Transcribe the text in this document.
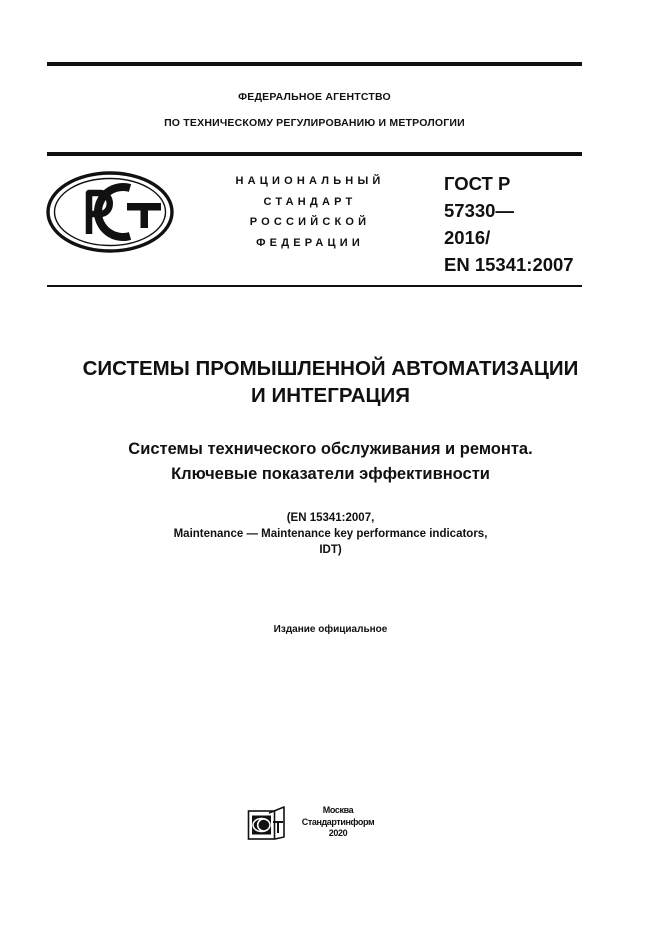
ФЕДЕРАЛЬНОЕ АГЕНТСТВО
ПО ТЕХНИЧЕСКОМУ РЕГУЛИРОВАНИЮ И МЕТРОЛОГИИ
НАЦИОНАЛЬНЫЙ
СТАНДАРТ
РОССИЙСКОЙ
ФЕДЕРАЦИИ
ГОСТ Р
57330—
2016/
EN 15341:2007
СИСТЕМЫ ПРОМЫШЛЕННОЙ АВТОМАТИЗАЦИИ
И ИНТЕГРАЦИЯ
Системы технического обслуживания и ремонта.
Ключевые показатели эффективности
(EN 15341:2007,
Maintenance — Maintenance key performance indicators,
IDT)
Издание официальное
Москва
Стандартинформ
2020
